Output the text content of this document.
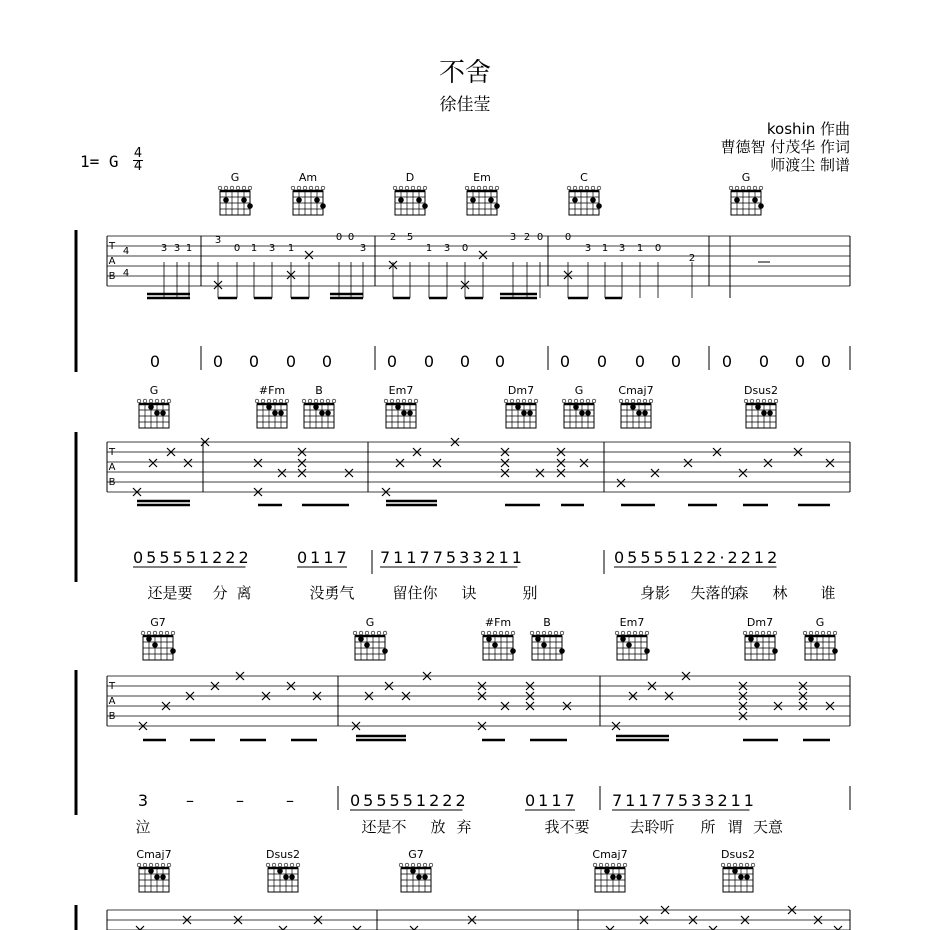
不舍
徐佳莹
koshin 作曲
曹德智 付茂华 作词
师渡尘 制谱
1= G 4
4
G	Am	D	Em	C	G
T
A
B
4
4
3 3 1
3
0 1 3 1
0 0
3
2 5
1 3 0
3 2 0 0
3 1 3 1 0
2
0	0 0 0 0	0 0 0 0	0 0 0 0	0 0 0 0
G	#Fm	B	Em7	Dm7	G	Cmaj7	Dsus2
T
A
B
055551222	0117 71177533211	05555122·2212
还是要 分 离	没勇气	留住你 诀	别	身影 失落的
森 林 谁
G7	G	#Fm	B	Em7	Dm7	G
T
A
B
3 –	–	–	055551222	0117 71177533211
泣	还是不 放 弃	我不要	去聆听 所 谓 天意
Cmaj7	Dsus2	G7	Cmaj7	Dsus2
